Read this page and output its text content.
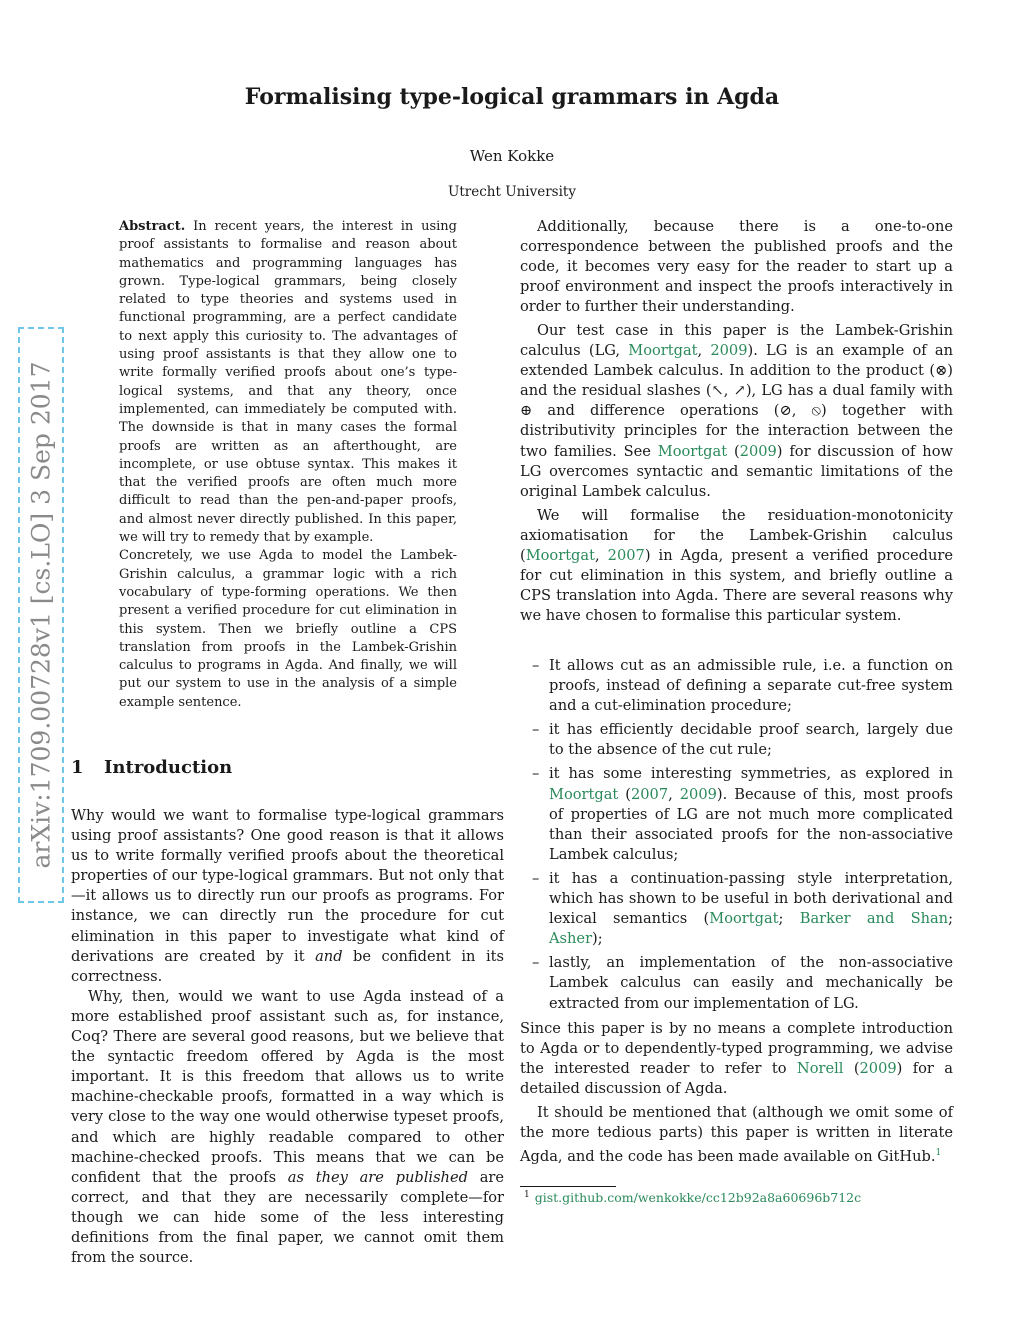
Formalising type-logical grammars in Agda
Wen Kokke
Utrecht University
arXiv:1709.00728v1 [cs.LO] 3 Sep 2017

Abstract. In recent years, the interest in using proof assistants to formalise and reason about mathematics and programming languages has grown. Type-logical grammars, being closely related to type theories and systems used in functional programming, are a perfect candidate to next apply this curiosity to. The advantages of using proof assistants is that they allow one to write formally verified proofs about one’s type-logical systems, and that any theory, once implemented, can immediately be computed with. The downside is that in many cases the formal proofs are written as an afterthought, are incomplete, or use obtuse syntax. This makes it that the verified proofs are often much more difficult to read than the pen-and-paper proofs, and almost never directly published. In this paper, we will try to remedy that by example.

Concretely, we use Agda to model the Lambek-Grishin calculus, a grammar logic with a rich vocabulary of type-forming operations. We then present a verified procedure for cut elimination in this system. Then we briefly outline a CPS translation from proofs in the Lambek-Grishin calculus to programs in Agda. And finally, we will put our system to use in the analysis of a simple example sentence.

1 Introduction

Why would we want to formalise type-logical grammars using proof assistants? One good reason is that it allows us to write formally verified proofs about the theoretical properties of our type-logical grammars. But not only that—it allows us to directly run our proofs as programs. For instance, we can directly run the procedure for cut elimination in this paper to investigate what kind of derivations are created by it and be confident in its correctness.

Why, then, would we want to use Agda instead of a more established proof assistant such as, for instance, Coq? There are several good reasons, but we believe that the syntactic freedom offered by Agda is the most important. It is this freedom that allows us to write machine-checkable proofs, formatted in a way which is very close to the way one would otherwise typeset proofs, and which are highly readable compared to other machine-checked proofs. This means that we can be confident that the proofs as they are published are correct, and that they are necessarily complete—for though we can hide some of the less interesting definitions from the final paper, we cannot omit them from the source.

Additionally, because there is a one-to-one correspondence between the published proofs and the code, it becomes very easy for the reader to start up a proof environment and inspect the proofs interactively in order to further their understanding.
Our test case in this paper is the Lambek-Grishin calculus (LG, Moortgat, 2009). LG is an example of an extended Lambek calculus. In addition to the product (⊗) and the residual slashes (↖, ↗), LG has a dual family with ⊕ and difference operations (⊘, ⦸) together with distributivity principles for the interaction between the two families. See Moortgat (2009) for discussion of how LG overcomes syntactic and semantic limitations of the original Lambek calculus.
We will formalise the residuation-monotonicity axiomatisation for the Lambek-Grishin calculus (Moortgat, 2007) in Agda, present a verified procedure for cut elimination in this system, and briefly outline a CPS translation into Agda. There are several reasons why we have chosen to formalise this particular system.
– It allows cut as an admissible rule, i.e. a function on proofs, instead of defining a separate cut-free system and a cut-elimination procedure;
– it has efficiently decidable proof search, largely due to the absence of the cut rule;
– it has some interesting symmetries, as explored in Moortgat (2007, 2009). Because of this, most proofs of properties of LG are not much more complicated than their associated proofs for the non-associative Lambek calculus;
– it has a continuation-passing style interpretation, which has shown to be useful in both derivational and lexical semantics (Moortgat; Barker and Shan; Asher);
– lastly, an implementation of the non-associative Lambek calculus can easily and mechanically be extracted from our implementation of LG.
Since this paper is by no means a complete introduction to Agda or to dependently-typed programming, we advise the interested reader to refer to Norell (2009) for a detailed discussion of Agda.
It should be mentioned that (although we omit some of the more tedious parts) this paper is written in literate Agda, and the code has been made available on GitHub.$^1$
$^1$ gist.github.com/wenkokke/cc12b92a8a60696b712c
